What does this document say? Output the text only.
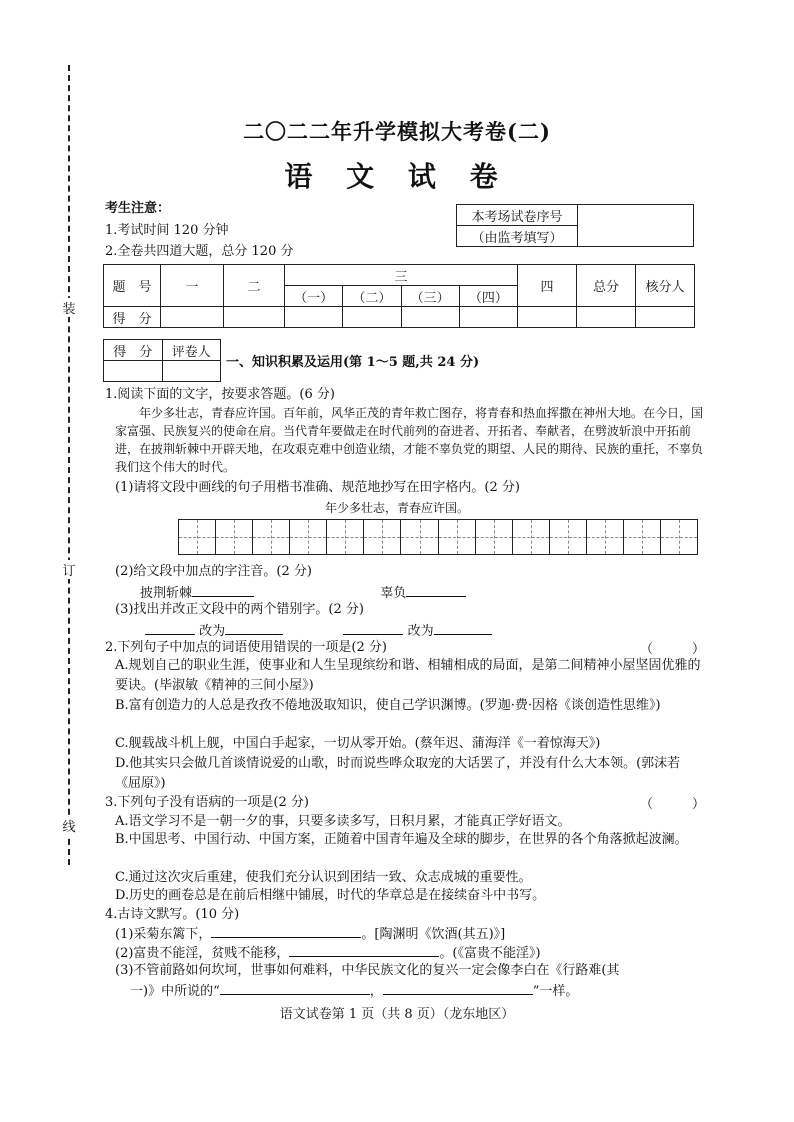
装
订
线
二〇二二年升学模拟大考卷(二)
语 文 试 卷
考生注意：
1.考试时间 120 分钟
2.全卷共四道大题，总分 120 分
本考场试卷序号	
（由监考填写）
题　号	一	二	三				四	总分	核分人
			（一）	（二）	（三）	（四）			
得　分									
得　分	评卷人

一、知识积累及运用(第 1～5 题,共 24 分)
1.阅读下面的文字，按要求答题。(6 分)
年少多壮志，青春应许国。百年前，风华正茂的青年救亡图存，将青春和热血挥撒在神州大地。在今日，国家富强、民族复兴的使命在肩。当代青年要做走在时代前列的奋进者、开拓者、奉献者，在劈波斩浪中开拓前进，在披荆斩棘中开辟天地，在攻艰克难中创造业绩，才能不辜负党的期望、人民的期待、民族的重托，不辜负我们这个伟大的时代。
(1)请将文段中画线的句子用楷书准确、规范地抄写在田字格内。(2 分)
年少多壮志，青春应许国。
(2)给文段中加点的字注音。(2 分)
披荆斩棘	辜负
(3)找出并改正文段中的两个错别字。(2 分)
改为	改为
2.下列句子中加点的词语使用错误的一项是(2 分)	（　　　）
A.规划自己的职业生涯，使事业和人生呈现缤纷和谐、相辅相成的局面，是第二间精神小屋坚固优雅的要诀。(毕淑敏《精神的三间小屋》)
B.富有创造力的人总是孜孜不倦地汲取知识，使自己学识渊博。(罗迦·费·因格《谈创造性思维》)
C.舰载战斗机上舰，中国白手起家，一切从零开始。(蔡年迟、蒲海洋《一着惊海天》)
D.他其实只会做几首谈情说爱的山歌，时而说些哗众取宠的大话罢了，并没有什么大本领。(郭沫若《屈原》)
3.下列句子没有语病的一项是(2 分)	（　　　）
A.语文学习不是一朝一夕的事，只要多读多写，日积月累，才能真正学好语文。
B.中国思考、中国行动、中国方案，正随着中国青年遍及全球的脚步，在世界的各个角落掀起波澜。
C.通过这次灾后重建，使我们充分认识到团结一致、众志成城的重要性。
D.历史的画卷总是在前后相继中铺展，时代的华章总是在接续奋斗中书写。
4.古诗文默写。(10 分)
(1)采菊东篱下，	。[陶渊明《饮酒(其五)》]
(2)富贵不能淫，贫贱不能移，	。(《富贵不能淫》)
(3)不管前路如何坎坷，世事如何难料，中华民族文化的复兴一定会像李白在《行路难(其
一)》中所说的“	，	”一样。
语文试卷第 1 页（共 8 页）（龙东地区）
